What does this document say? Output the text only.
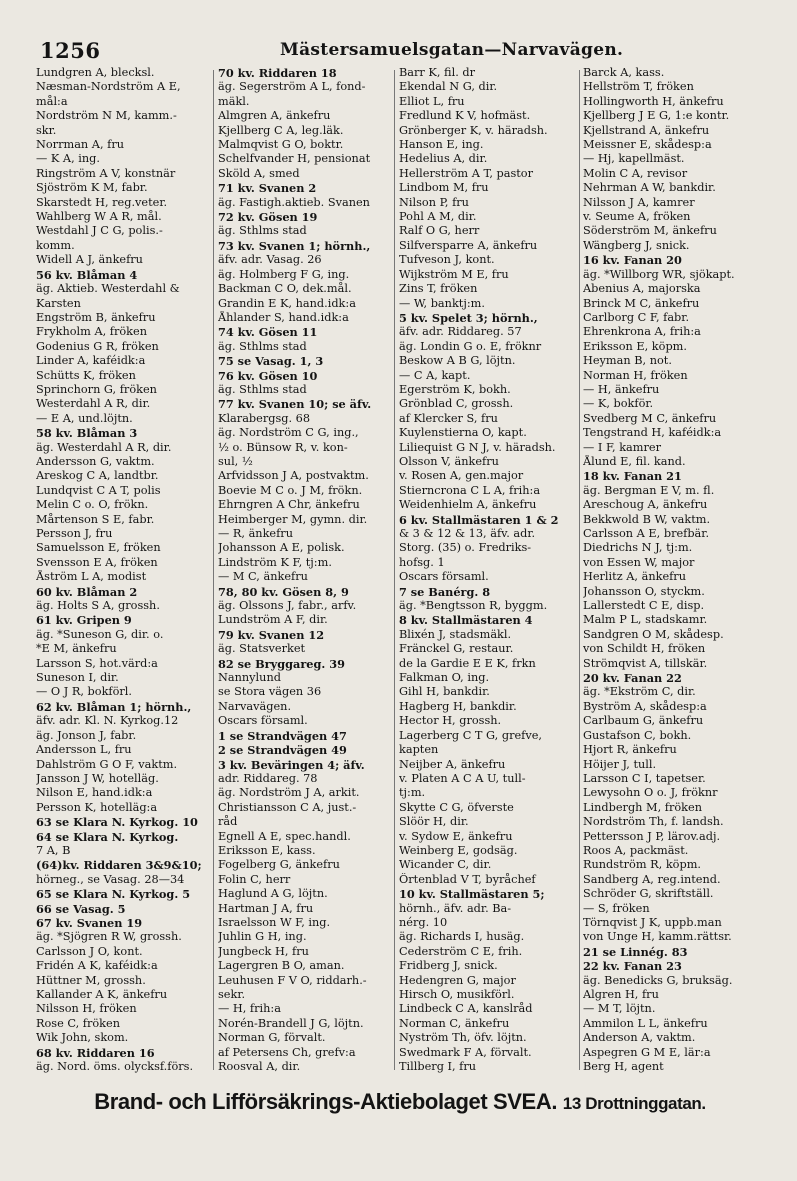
1256	Mästersamuelsgatan—Narvavägen.
Lundgren A, blecksl.
Næsman-Nordström A E,
mål:a
Nordström N M, kamm.-
skr.
Norrman A, fru
— K A, ing.
Ringström A V, konstnär
Sjöström K M, fabr.
Skarstedt H, reg.veter.
Wahlberg W A R, mål.
Westdahl J C G, polis.-
komm.
Widell A J, änkefru
56 kv. Blåman 4
äg. Aktieb. Westerdahl &
Karsten
Engström B, änkefru
Frykholm A, fröken
Godenius G R, fröken
Linder A, kaféidk:a
Schütts K, fröken
Sprinchorn G, fröken
Westerdahl A R, dir.
— E A, und.löjtn.
58 kv. Blåman 3
äg. Westerdahl A R, dir.
Andersson G, vaktm.
Areskog C A, landtbr.
Lundqvist C A T, polis
Melin C o. O, frökn.
Mårtenson S E, fabr.
Persson J, fru
Samuelsson E, fröken
Svensson E A, fröken
Åström L A, modist
60 kv. Blåman 2
äg. Holts S A, grossh.
61 kv. Gripen 9
äg. *Suneson G, dir. o.
*E M, änkefru
Larsson S, hot.värd:a
Suneson I, dir.
— O J R, bokförl.
62 kv. Blåman 1; hörnh.,
äfv. adr. Kl. N. Kyrkog.12
äg. Jonson J, fabr.
Andersson L, fru
Dahlström G O F, vaktm.
Jansson J W, hotelläg.
Nilson E, hand.idk:a
Persson K, hotelläg:a
63 se Klara N. Kyrkog. 10
64 se Klara N. Kyrkog.
7 A, B
(64)kv. Riddaren 3&9&10;
hörneg., se Vasag. 28—34
65 se Klara N. Kyrkog. 5
66 se Vasag. 5
67 kv. Svanen 19
äg. *Sjögren R W, grossh.
Carlsson J O, kont.
Fridén A K, kaféidk:a
Hüttner M, grossh.
Kallander A K, änkefru
Nilsson H, fröken
Rose C, fröken
Wik John, skom.
68 kv. Riddaren 16
äg. Nord. öms. olycksf.förs.
70 kv. Riddaren 18
äg. Segerström A L, fond-
mäkl.
Almgren A, änkefru
Kjellberg C A, leg.läk.
Malmqvist G O, boktr.
Schelfvander H, pensionat
Sköld A, smed
71 kv. Svanen 2
äg. Fastigh.aktieb. Svanen
72 kv. Gösen 19
äg. Sthlms stad
73 kv. Svanen 1; hörnh.,
äfv. adr. Vasag. 26
äg. Holmberg F G, ing.
Backman C O, dek.mål.
Grandin E K, hand.idk:a
Åhlander S, hand.idk:a
74 kv. Gösen 11
äg. Sthlms stad
75 se Vasag. 1, 3
76 kv. Gösen 10
äg. Sthlms stad
77 kv. Svanen 10; se äfv.
Klarabergsg. 68
äg. Nordström C G, ing.,
½ o. Bünsow R, v. kon-
sul, ½
Arfvidsson J A, postvaktm.
Boevie M C o. J M, frökn.
Ehrngren A Chr, änkefru
Heimberger M, gymn. dir.
— R, änkefru
Johansson A E, polisk.
Lindström K F, tj:m.
— M C, änkefru
78, 80 kv. Gösen 8, 9
äg. Olssons J, fabr., arfv.
Lundström A F, dir.
79 kv. Svanen 12
äg. Statsverket
82 se Bryggareg. 39
Nannylund
se Stora vägen 36
Narvavägen.
Oscars församl.
1 se Strandvägen 47
2 se Strandvägen 49
3 kv. Beväringen 4; äfv.
adr. Riddareg. 78
äg. Nordström J A, arkit.
Christiansson C A, just.-
råd
Egnell A E, spec.handl.
Eriksson E, kass.
Fogelberg G, änkefru
Folin C, herr
Haglund A G, löjtn.
Hartman J A, fru
Israelsson W F, ing.
Juhlin G H, ing.
Jungbeck H, fru
Lagergren B O, aman.
Leuhusen F V O, riddarh.-
sekr.
— H, frih:a
Norén-Brandell J G, löjtn.
Norman G, förvalt.
af Petersens Ch, grefv:a
Roosval A, dir.
Barr K, fil. dr
Ekendal N G, dir.
Elliot L, fru
Fredlund K V, hofmäst.
Grönberger K, v. häradsh.
Hanson E, ing.
Hedelius A, dir.
Hellerström A T, pastor
Lindbom M, fru
Nilson P, fru
Pohl A M, dir.
Ralf O G, herr
Silfversparre A, änkefru
Tufveson J, kont.
Wijkström M E, fru
Zins T, fröken
— W, banktj:m.
5 kv. Spelet 3; hörnh.,
äfv. adr. Riddareg. 57
äg. Londin G o. E, fröknr
Beskow A B G, löjtn.
— C A, kapt.
Egerström K, bokh.
Grönblad C, grossh.
af Klercker S, fru
Kuylenstierna O, kapt.
Liliequist G N J, v. häradsh.
Olsson V, änkefru
v. Rosen A, gen.major
Stierncrona C L A, frih:a
Weidenhielm A, änkefru
6 kv. Stallmästaren 1 & 2
& 3 & 12 & 13, äfv. adr.
Storg. (35) o. Fredriks-
hofsg. 1
Oscars församl.
7 se Banérg. 8
äg. *Bengtsson R, byggm.
8 kv. Stallmästaren 4
Blixén J, stadsmäkl.
Fränckel G, restaur.
de la Gardie E E K, frkn
Falkman O, ing.
Gihl H, bankdir.
Hagberg H, bankdir.
Hector H, grossh.
Lagerberg C T G, grefve,
kapten
Neijber A, änkefru
v. Platen A C A U, tull-
tj:m.
Skytte C G, öfverste
Slöör H, dir.
v. Sydow E, änkefru
Weinberg E, godsäg.
Wicander C, dir.
Örtenblad V T, byråchef
10 kv. Stallmästaren 5;
hörnh., äfv. adr. Ba-
nérg. 10
äg. Richards I, husäg.
Cederström C E, frih.
Fridberg J, snick.
Hedengren G, major
Hirsch O, musikförl.
Lindbeck C A, kanslråd
Norman C, änkefru
Nyström Th, öfv. löjtn.
Swedmark F A, förvalt.
Tillberg I, fru
Barck A, kass.
Hellström T, fröken
Hollingworth H, änkefru
Kjellberg J E G, 1:e kontr.
Kjellstrand A, änkefru
Meissner E, skådesp:a
— Hj, kapellmäst.
Molin C A, revisor
Nehrman A W, bankdir.
Nilsson J A, kamrer
v. Seume A, fröken
Söderström M, änkefru
Wängberg J, snick.
16 kv. Fanan 20
äg. *Willborg WR, sjökapt.
Abenius A, majorska
Brinck M C, änkefru
Carlborg C F, fabr.
Ehrenkrona A, frih:a
Eriksson E, köpm.
Heyman B, not.
Norman H, fröken
— H, änkefru
— K, bokför.
Svedberg M C, änkefru
Tengstrand H, kaféidk:a
— I F, kamrer
Ålund E, fil. kand.
18 kv. Fanan 21
äg. Bergman E V, m. fl.
Areschoug A, änkefru
Bekkwold B W, vaktm.
Carlsson A E, brefbär.
Diedrichs N J, tj:m.
von Essen W, major
Herlitz A, änkefru
Johansson O, styckm.
Lallerstedt C E, disp.
Malm P L, stadskamr.
Sandgren O M, skådesp.
von Schildt H, fröken
Strömqvist A, tillskär.
20 kv. Fanan 22
äg. *Ekström C, dir.
Byström A, skådesp:a
Carlbaum G, änkefru
Gustafson C, bokh.
Hjort R, änkefru
Höijer J, tull.
Larsson C I, tapetser.
Lewysohn O o. J, fröknr
Lindbergh M, fröken
Nordström Th, f. landsh.
Pettersson J P, lärov.adj.
Roos A, packmäst.
Rundström R, köpm.
Sandberg A, reg.intend.
Schröder G, skriftställ.
— S, fröken
Törnqvist J K, uppb.man
von Unge H, kamm.rättsr.
21 se Linnég. 83
22 kv. Fanan 23
äg. Benedicks G, bruksäg.
Algren H, fru
— M T, löjtn.
Ammilon L L, änkefru
Anderson A, vaktm.
Aspegren G M E, lär:a
Berg H, agent
Brand- och Lifförsäkrings-Aktiebolaget SVEA. 13 Drottninggatan.
